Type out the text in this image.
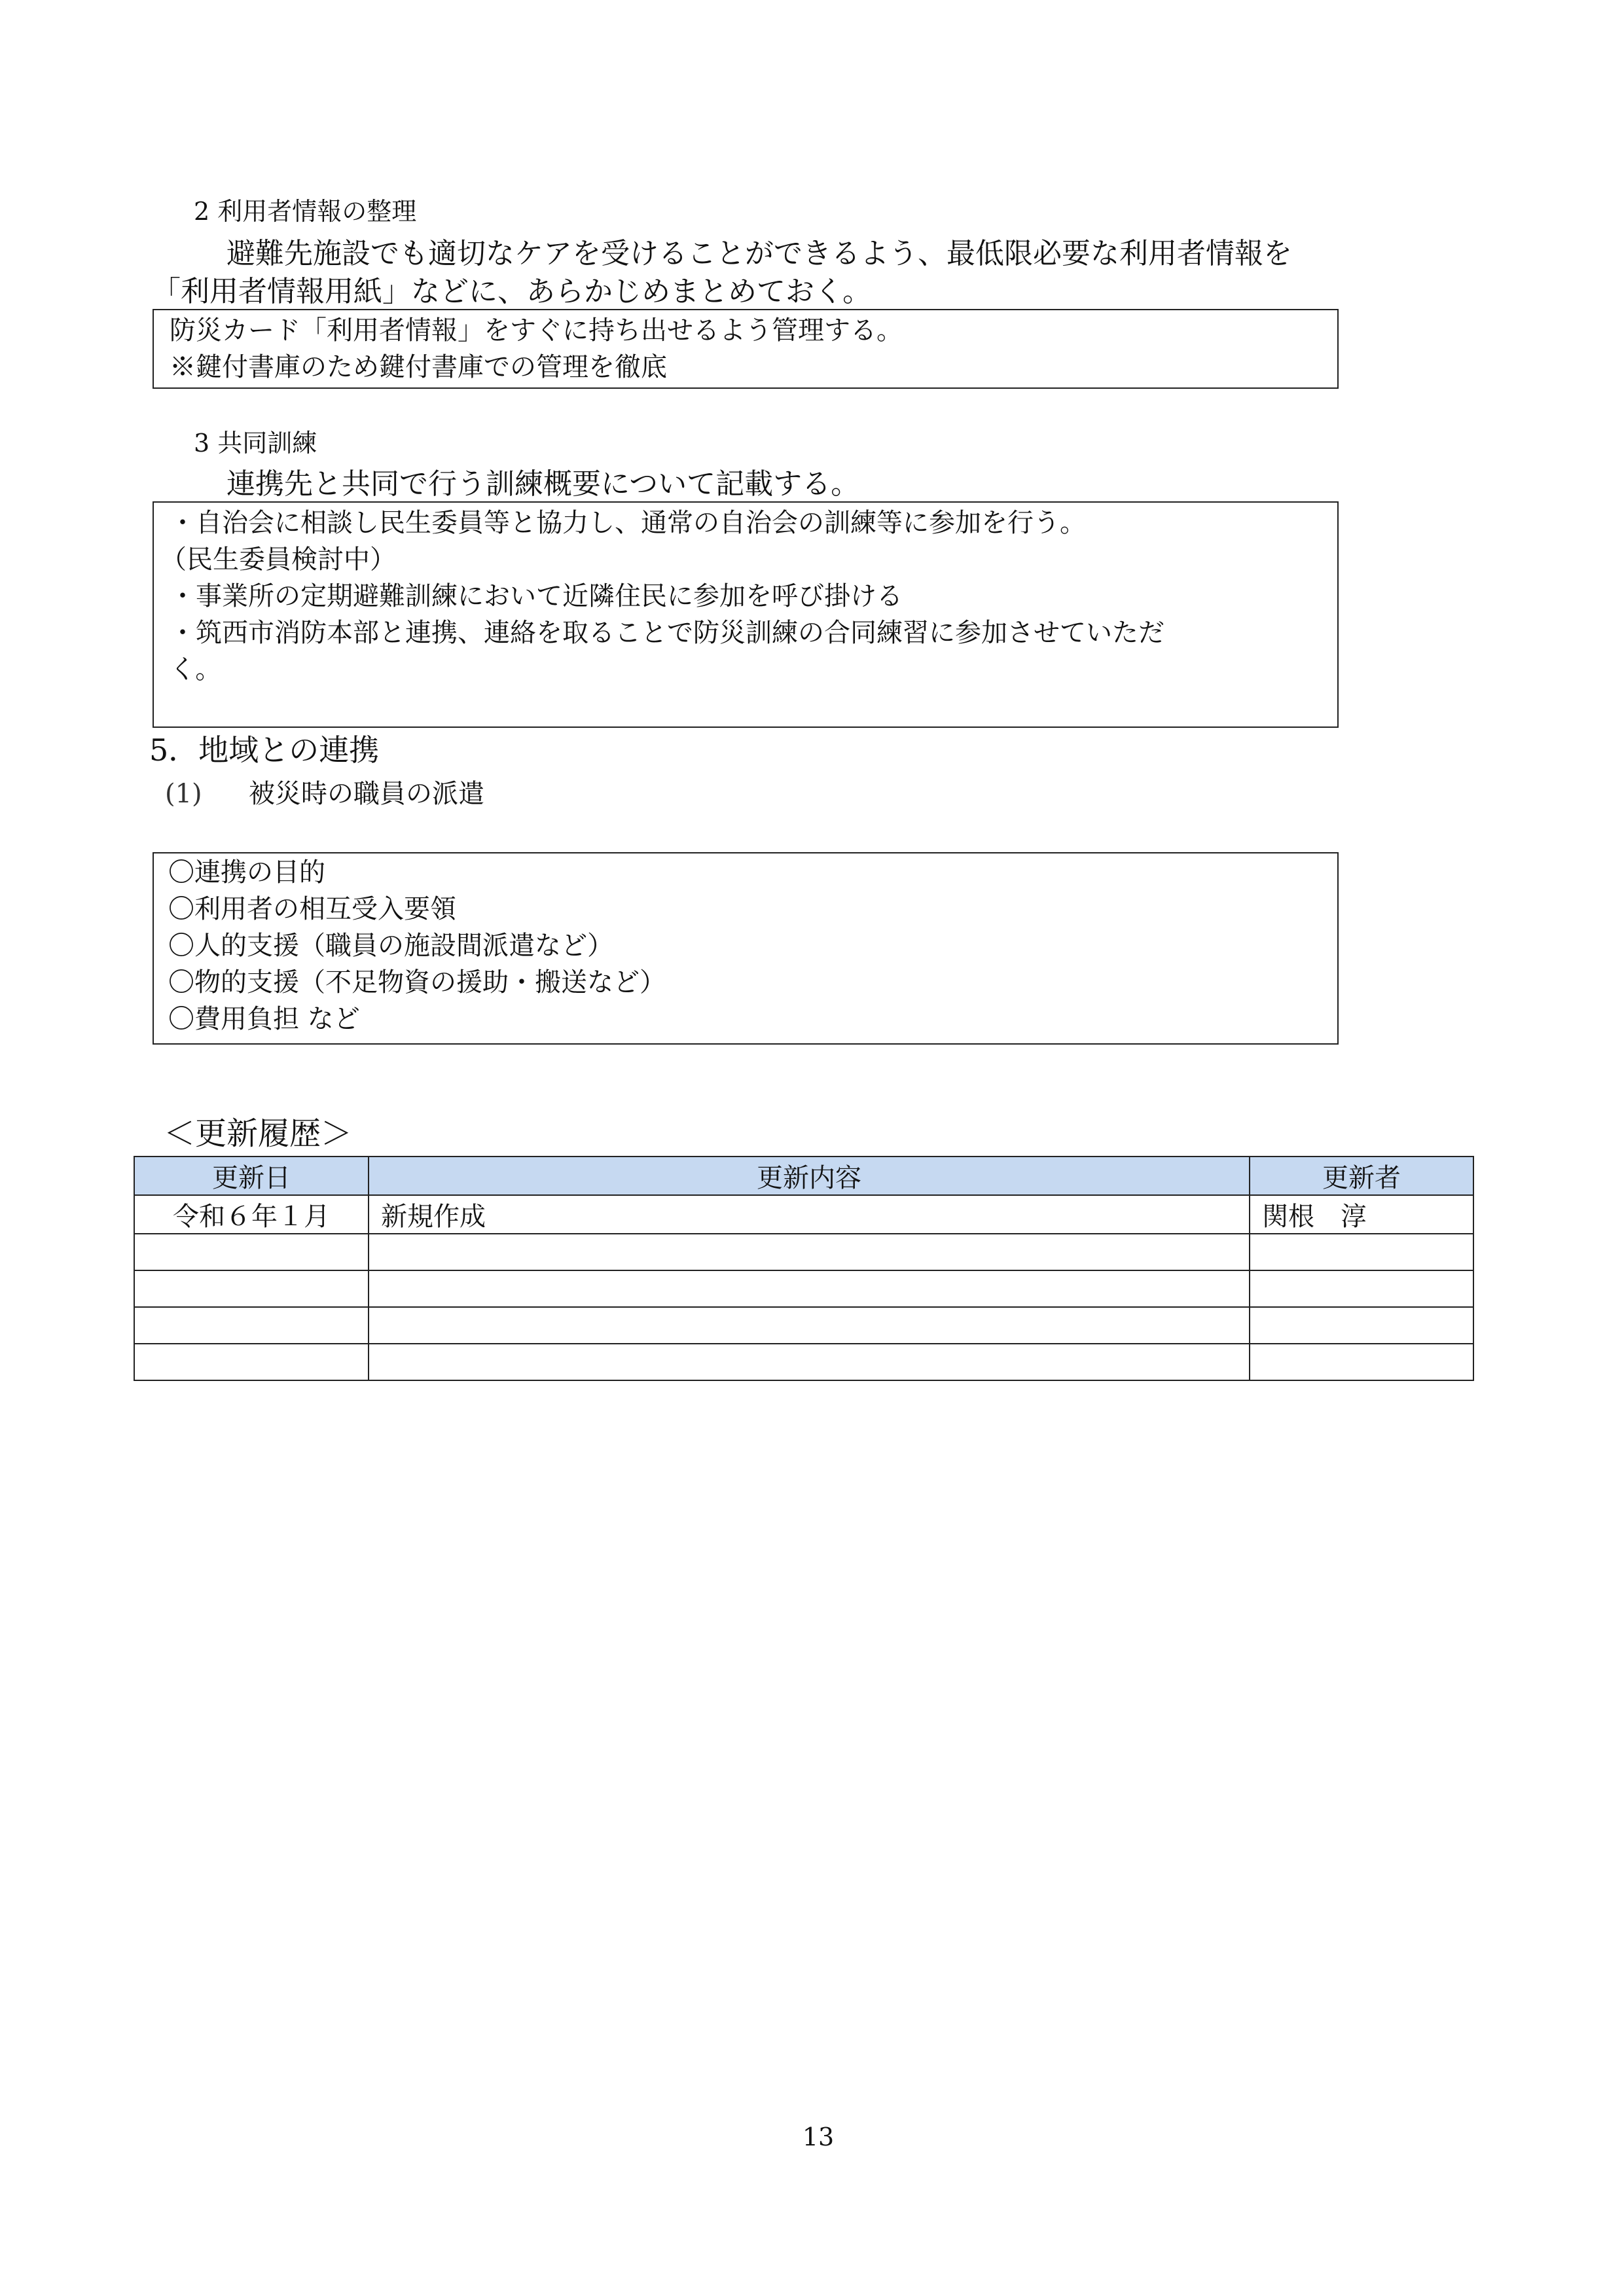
2 利用者情報の整理
避難先施設でも適切なケアを受けることができるよう、最低限必要な利用者情報を
「利用者情報用紙」などに、あらかじめまとめておく。
防災カード「利用者情報」をすぐに持ち出せるよう管理する。
※鍵付書庫のため鍵付書庫での管理を徹底
3 共同訓練
連携先と共同で行う訓練概要について記載する。
・自治会に相談し民生委員等と協力し、通常の自治会の訓練等に参加を行う。
（民生委員検討中）
・事業所の定期避難訓練において近隣住民に参加を呼び掛ける
・筑西市消防本部と連携、連絡を取ることで防災訓練の合同練習に参加させていただ
く。
5．地域との連携
(1) 被災時の職員の派遣
〇連携の目的
〇利用者の相互受入要領
〇人的支援（職員の施設間派遣など）
〇物的支援（不足物資の援助・搬送など）
〇費用負担 など
＜更新履歴＞
更新日	更新内容	更新者
令和６年１月	新規作成	関根　淳

13
